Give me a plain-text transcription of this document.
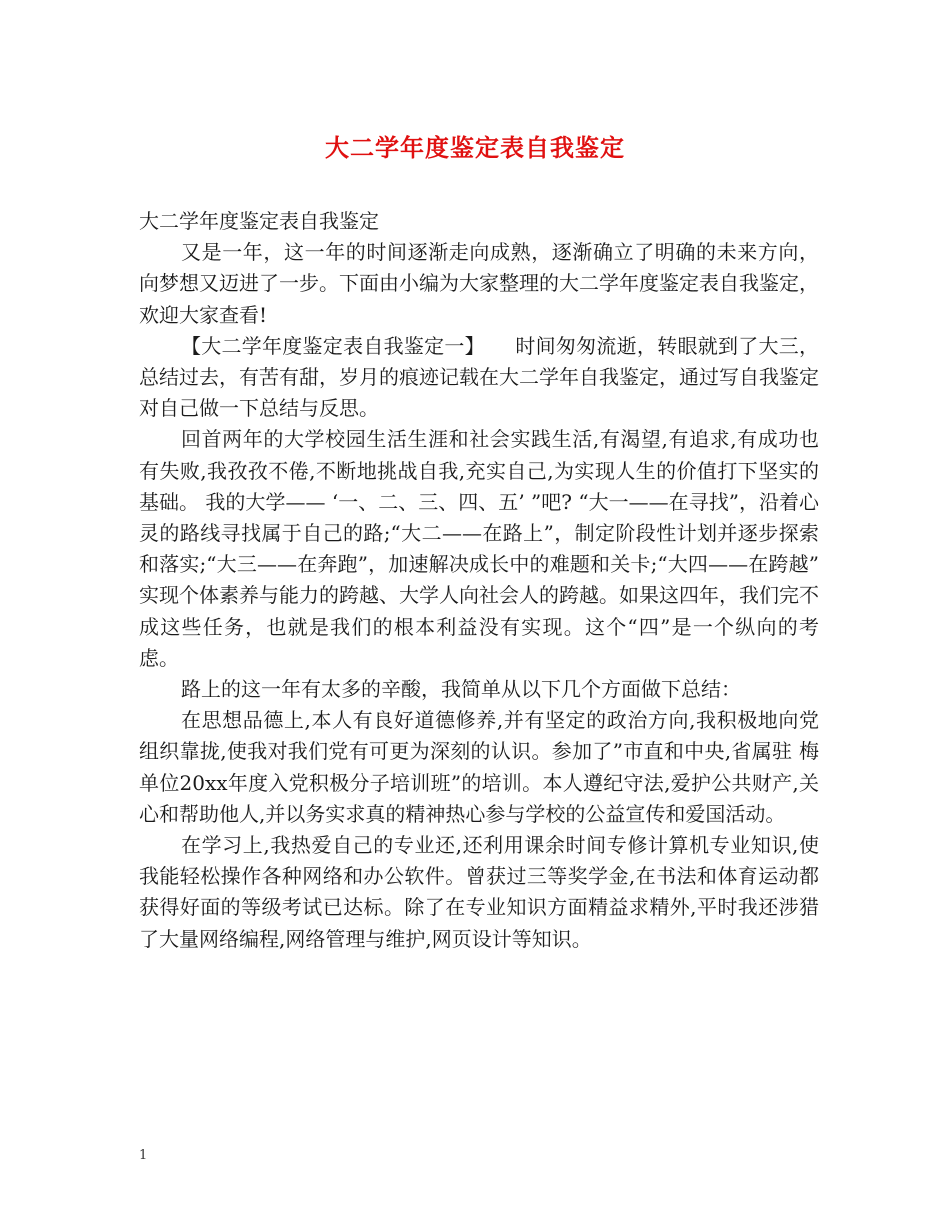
大二学年度鉴定表自我鉴定

大二学年度鉴定表自我鉴定

又是一年，这一年的时间逐渐走向成熟，逐渐确立了明确的未来方向，向梦想又迈进了一步。下面由小编为大家整理的大二学年度鉴定表自我鉴定，欢迎大家查看!

【大二学年度鉴定表自我鉴定一】　　时间匆匆流逝，转眼就到了大三，总结过去，有苦有甜，岁月的痕迹记载在大二学年自我鉴定，通过写自我鉴定对自己做一下总结与反思。

回首两年的大学校园生活生涯和社会实践生活,有渴望,有追求,有成功也有失败,我孜孜不倦,不断地挑战自我,充实自己,为实现人生的价值打下坚实的基础。 我的大学—— ‘一、二、三、四、五’ ”吧? “大一——在寻找”，沿着心灵的路线寻找属于自己的路;“大二——在路上”，制定阶段性计划并逐步探索和落实;“大三——在奔跑”，加速解决成长中的难题和关卡;“大四——在跨越” 实现个体素养与能力的跨越、大学人向社会人的跨越。如果这四年，我们完不成这些任务，也就是我们的根本利益没有实现。这个“四”是一个纵向的考虑。

路上的这一年有太多的辛酸，我简单从以下几个方面做下总结：

在思想品德上,本人有良好道德修养,并有坚定的政治方向,我积极地向党组织靠拢,使我对我们党有可更为深刻的认识。参加了”市直和中央,省属驻 梅单位20xx年度入党积极分子培训班”的培训。本人遵纪守法,爱护公共财产,关心和帮助他人,并以务实求真的精神热心参与学校的公益宣传和爱国活动。

在学习上,我热爱自己的专业还,还利用课余时间专修计算机专业知识,使我能轻松操作各种网络和办公软件。曾获过三等奖学金,在书法和体育运动都 获得好面的等级考试已达标。除了在专业知识方面精益求精外,平时我还涉猎了大量网络编程,网络管理与维护,网页设计等知识。

1
